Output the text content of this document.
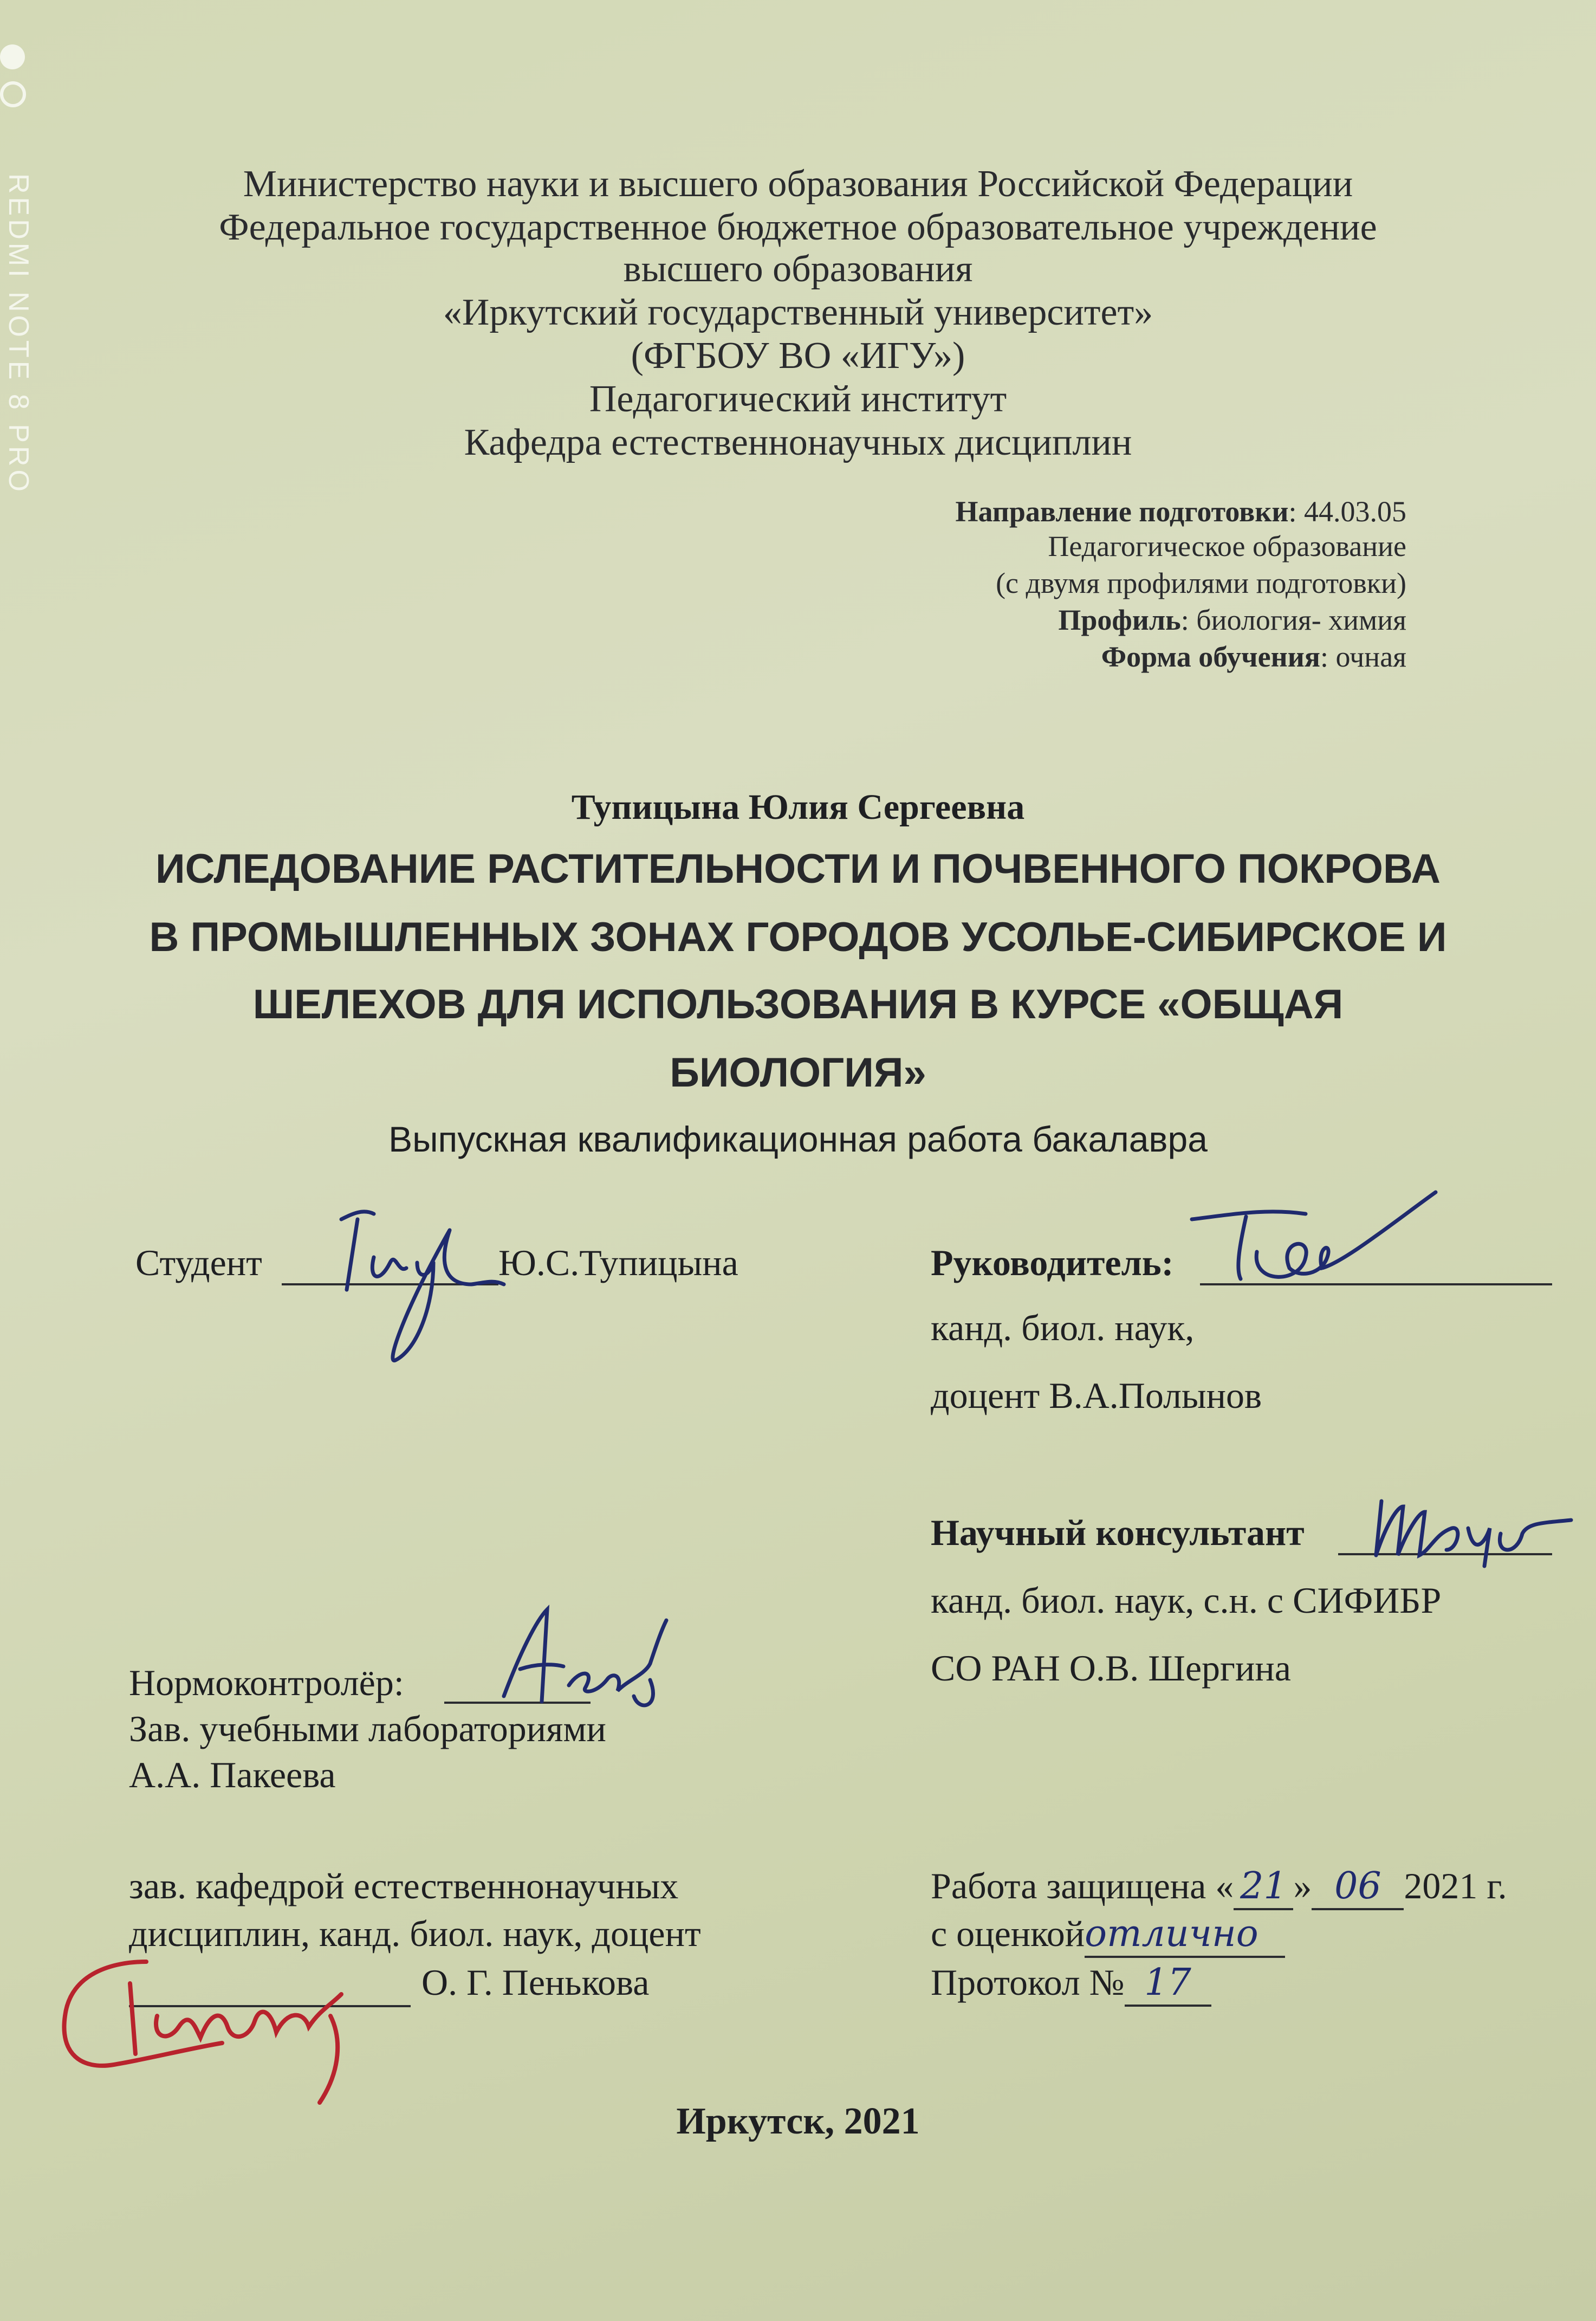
REDMI NOTE 8 PRO	Министерство науки и высшего образования Российской Федерации
Федеральное государственное бюджетное образовательное учреждение
высшего образования
«Иркутский государственный университет»
(ФГБОУ ВО «ИГУ»)
Педагогический институт
Кафедра естественнонаучных дисциплин
Направление подготовки: 44.03.05
Педагогическое образование
(с двумя профилями подготовки)
Профиль: биология- химия
Форма обучения: очная
Тупицына Юлия Сергеевна
ИСЛЕДОВАНИЕ РАСТИТЕЛЬНОСТИ И ПОЧВЕННОГО ПОКРОВА
В ПРОМЫШЛЕННЫХ ЗОНАХ ГОРОДОВ УСОЛЬЕ-СИБИРСКОЕ И
ШЕЛЕХОВ ДЛЯ ИСПОЛЬЗОВАНИЯ В КУРСЕ «ОБЩАЯ
БИОЛОГИЯ»
Выпускная квалификационная работа бакалавра
Студент	Ю.С.Тупицына	Руководитель:
канд. биол. наук,
доцент В.А.Полынов
Научный консультант
канд. биол. наук, с.н. с СИФИБР
СО РАН О.В. Шергина
Нормоконтролёр:
Зав. учебными лабораториями
А.А. Пакеева
зав. кафедрой естественнонаучных
дисциплин, канд. биол. наук, доцент
О. Г. Пенькова
Работа защищена « 21 » 06 2021 г.
с оценкойотлично
Протокол № 17
Иркутск, 2021
